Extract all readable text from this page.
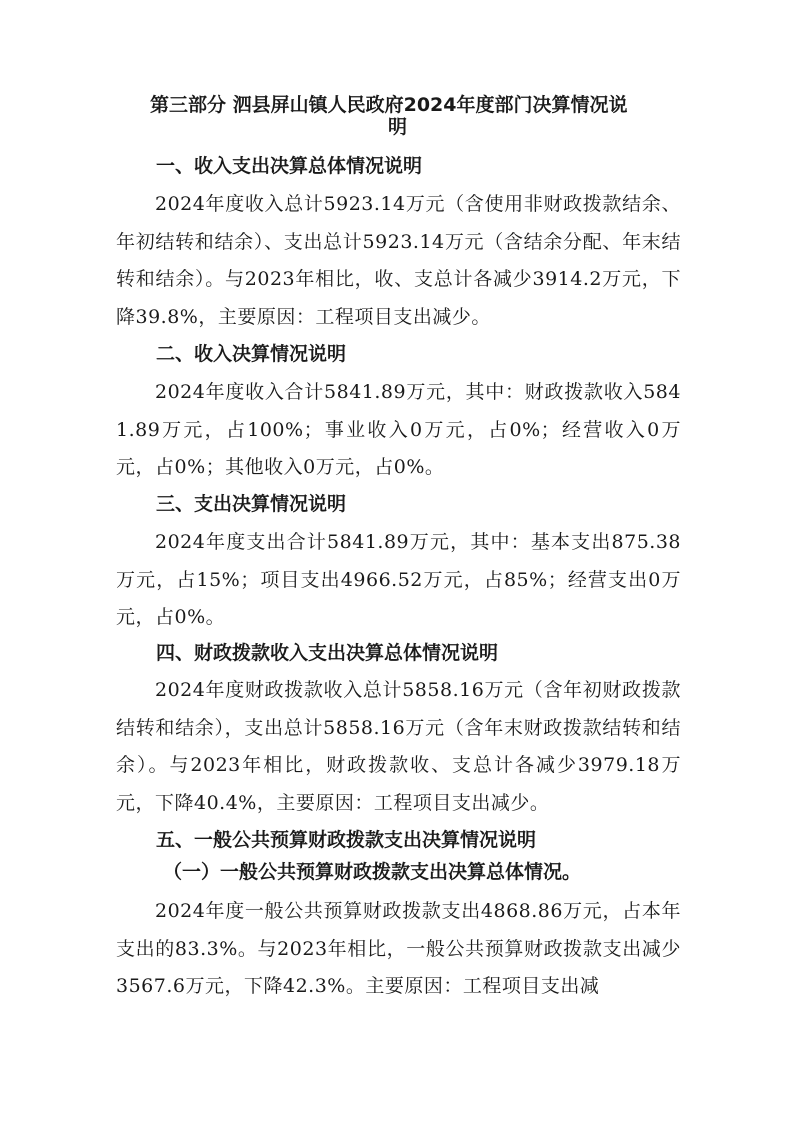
第三部分 泗县屏山镇人民政府2024年度部门决算情况说
明
一、收入支出决算总体情况说明
2024年度收入总计5923.14万元（含使用非财政拨款结余、年初结转和结余）、支出总计5923.14万元（含结余分配、年末结转和结余）。与2023年相比，收、支总计各减少3914.2万元，下降39.8%，主要原因：工程项目支出减少。
二、收入决算情况说明
2024年度收入合计5841.89万元，其中：财政拨款收入5841.89万元，占100%；事业收入0万元，占0%；经营收入0万元，占0%；其他收入0万元，占0%。
三、支出决算情况说明
2024年度支出合计5841.89万元，其中：基本支出875.38万元，占15%；项目支出4966.52万元，占85%；经营支出0万元，占0%。
四、财政拨款收入支出决算总体情况说明
2024年度财政拨款收入总计5858.16万元（含年初财政拨款结转和结余），支出总计5858.16万元（含年末财政拨款结转和结余）。与2023年相比，财政拨款收、支总计各减少3979.18万元，下降40.4%，主要原因：工程项目支出减少。
五、一般公共预算财政拨款支出决算情况说明
（一）一般公共预算财政拨款支出决算总体情况。
2024年度一般公共预算财政拨款支出4868.86万元，占本年支出的83.3%。与2023年相比，一般公共预算财政拨款支出减少3567.6万元，下降42.3%。主要原因：工程项目支出减
